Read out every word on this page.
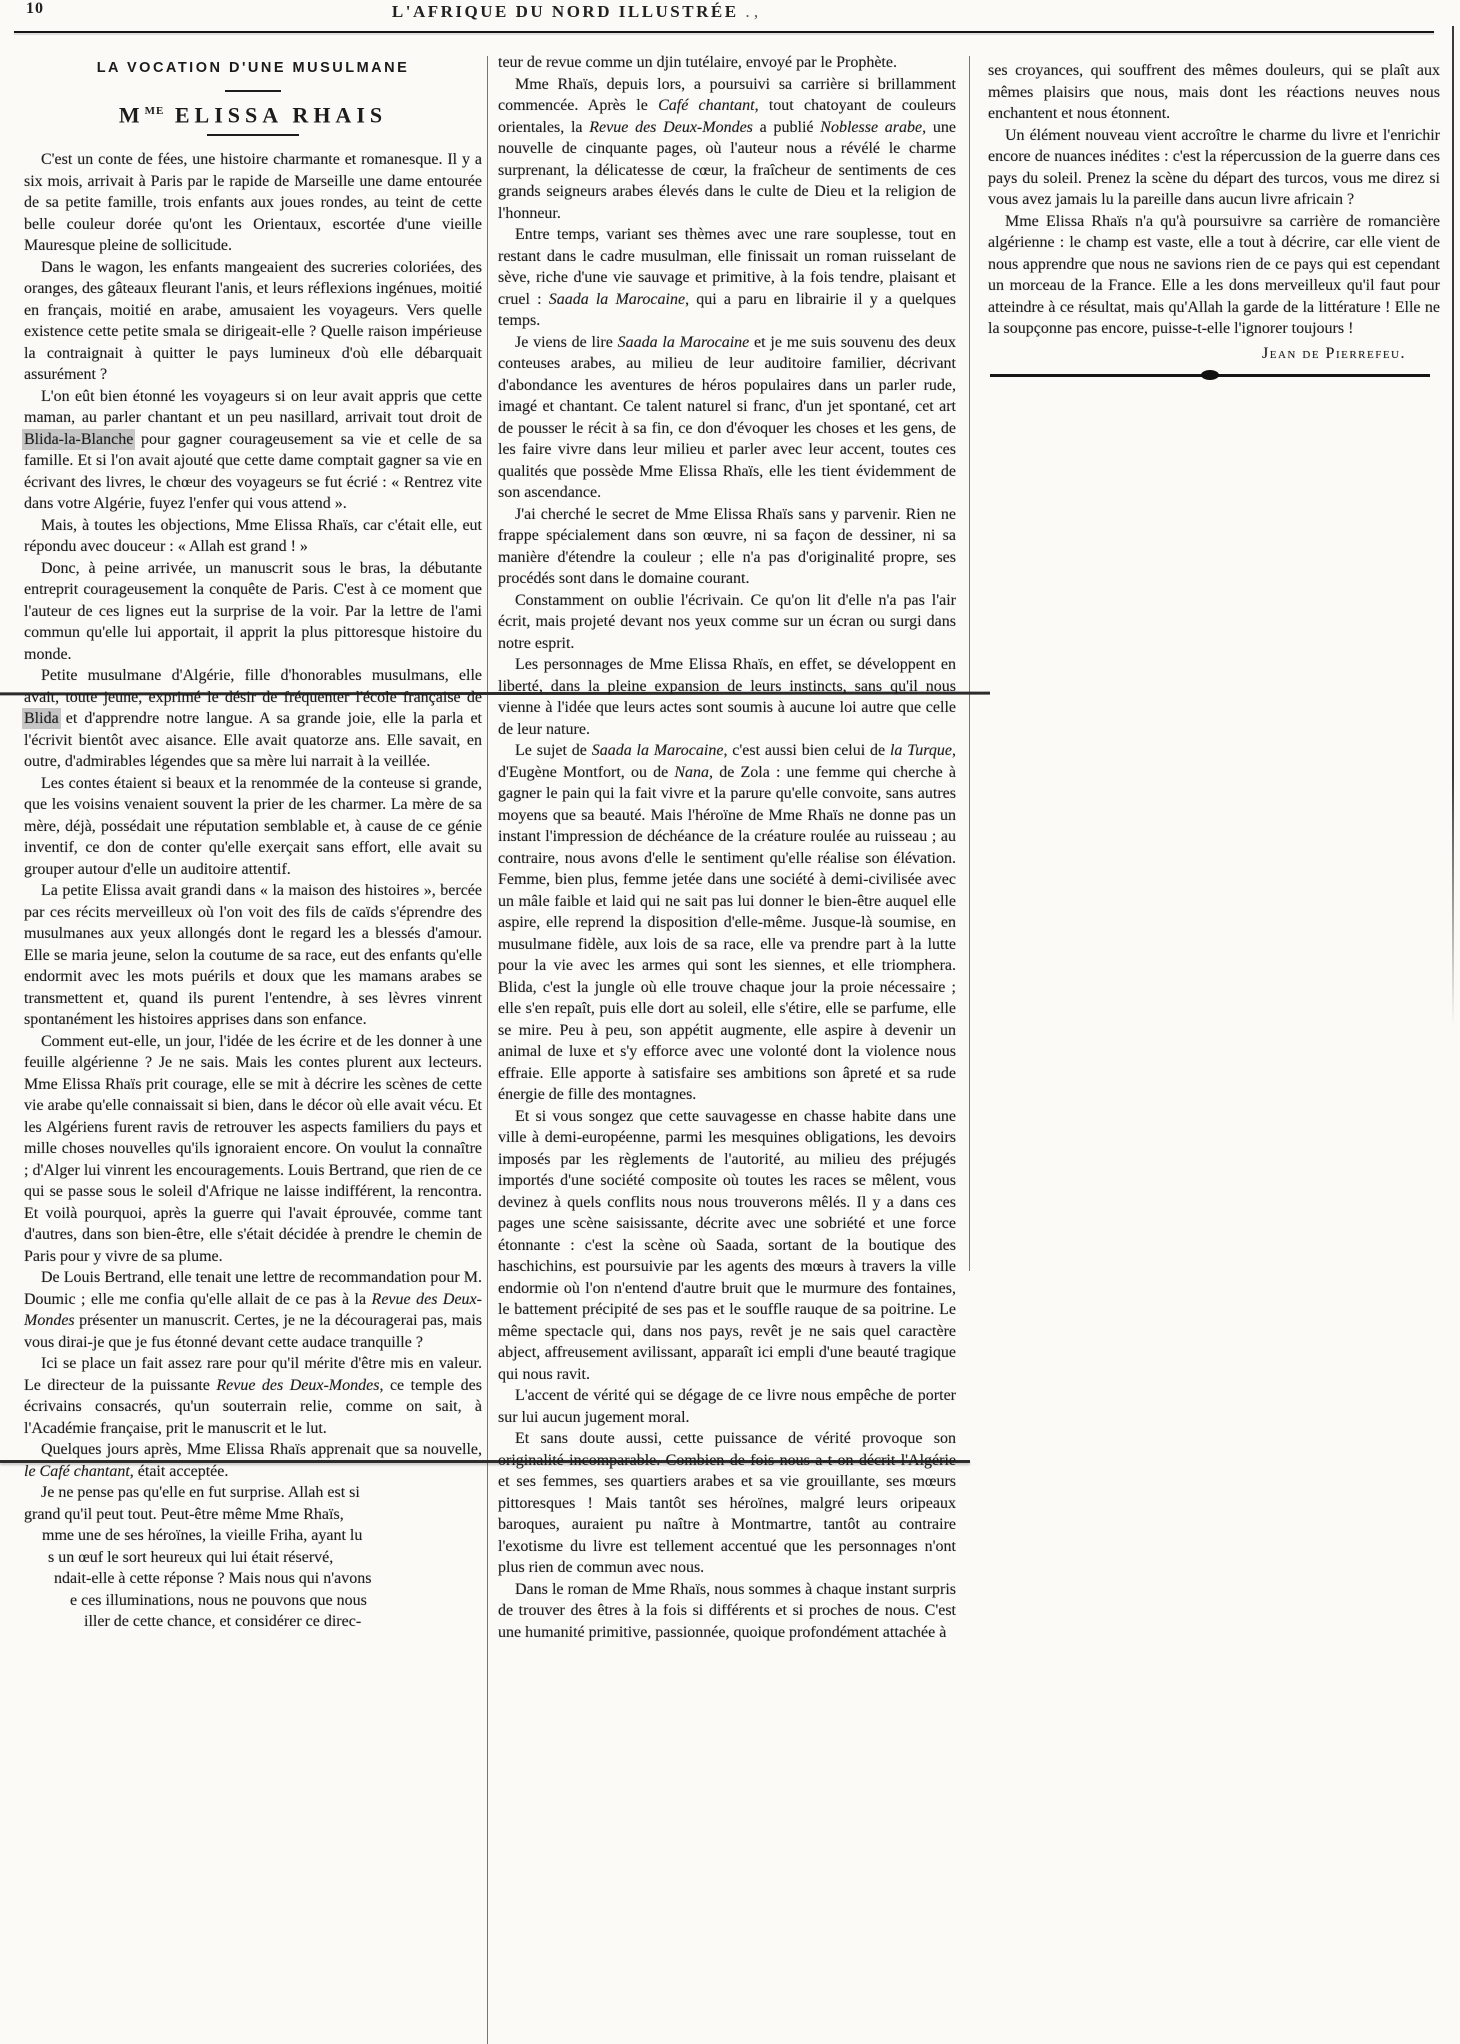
10	L'AFRIQUE DU NORD ILLUSTRÉE . ,
LA VOCATION D'UNE MUSULMANE
$M^{ME}$ ELISSA RHAIS

C'est un conte de fées, une histoire charmante et romanesque. Il y a six mois, arrivait à Paris par le rapide de Marseille une dame entourée de sa petite famille, trois enfants aux joues rondes, au teint de cette belle couleur dorée qu'ont les Orientaux, escortée d'une vieille Mauresque pleine de sollicitude.

Dans le wagon, les enfants mangeaient des sucreries coloriées, des oranges, des gâteaux fleurant l'anis, et leurs réflexions ingénues, moitié en français, moitié en arabe, amusaient les voyageurs. Vers quelle existence cette petite smala se dirigeait-elle ? Quelle raison impérieuse la contraignait à quitter le pays lumineux d'où elle débarquait assurément ?

L'on eût bien étonné les voyageurs si on leur avait appris que cette maman, au parler chantant et un peu nasillard, arrivait tout droit de Blida-la-Blanche pour gagner courageusement sa vie et celle de sa famille. Et si l'on avait ajouté que cette dame comptait gagner sa vie en écrivant des livres, le chœur des voyageurs se fut écrié : « Rentrez vite dans votre Algérie, fuyez l'enfer qui vous attend ».

Mais, à toutes les objections, Mme Elissa Rhaïs, car c'était elle, eut répondu avec douceur : « Allah est grand ! »

Donc, à peine arrivée, un manuscrit sous le bras, la débutante entreprit courageusement la conquête de Paris. C'est à ce moment que l'auteur de ces lignes eut la surprise de la voir. Par la lettre de l'ami commun qu'elle lui apportait, il apprit la plus pittoresque histoire du monde.

Petite musulmane d'Algérie, fille d'honorables musulmans, elle avait, toute jeune, exprimé le désir de fréquenter l'école française de Blida et d'apprendre notre langue. A sa grande joie, elle la parla et l'écrivit bientôt avec aisance. Elle avait quatorze ans. Elle savait, en outre, d'admirables légendes que sa mère lui narrait à la veillée.

Les contes étaient si beaux et la renommée de la conteuse si grande, que les voisins venaient souvent la prier de les charmer. La mère de sa mère, déjà, possédait une réputation semblable et, à cause de ce génie inventif, ce don de conter qu'elle exerçait sans effort, elle avait su grouper autour d'elle un auditoire attentif.

La petite Elissa avait grandi dans « la maison des histoires », bercée par ces récits merveilleux où l'on voit des fils de caïds s'éprendre des musulmanes aux yeux allongés dont le regard les a blessés d'amour. Elle se maria jeune, selon la coutume de sa race, eut des enfants qu'elle endormit avec les mots puérils et doux que les mamans arabes se transmettent et, quand ils purent l'entendre, à ses lèvres vinrent spontanément les histoires apprises dans son enfance.

Comment eut-elle, un jour, l'idée de les écrire et de les donner à une feuille algérienne ? Je ne sais. Mais les contes plurent aux lecteurs. Mme Elissa Rhaïs prit courage, elle se mit à décrire les scènes de cette vie arabe qu'elle connaissait si bien, dans le décor où elle avait vécu. Et les Algériens furent ravis de retrouver les aspects familiers du pays et mille choses nouvelles qu'ils ignoraient encore. On voulut la connaître ; d'Alger lui vinrent les encouragements. Louis Bertrand, que rien de ce qui se passe sous le soleil d'Afrique ne laisse indifférent, la rencontra. Et voilà pourquoi, après la guerre qui l'avait éprouvée, comme tant d'autres, dans son bien-être, elle s'était décidée à prendre le chemin de Paris pour y vivre de sa plume.

De Louis Bertrand, elle tenait une lettre de recommandation pour M. Doumic ; elle me confia qu'elle allait de ce pas à la Revue des Deux-Mondes présenter un manuscrit. Certes, je ne la découragerai pas, mais vous dirai-je que je fus étonné devant cette audace tranquille ?

Ici se place un fait assez rare pour qu'il mérite d'être mis en valeur. Le directeur de la puissante Revue des Deux-Mondes, ce temple des écrivains consacrés, qu'un souterrain relie, comme on sait, à l'Académie française, prit le manuscrit et le lut.

Quelques jours après, Mme Elissa Rhaïs apprenait que sa nouvelle, le Café chantant, était acceptée.

Je ne pense pas qu'elle en fut surprise. Allah est si
grand qu'il peut tout. Peut-être même Mme Rhaïs,
mme une de ses héroïnes, la vieille Friha, ayant lu
s un œuf le sort heureux qui lui était réservé,
ndait-elle à cette réponse ? Mais nous qui n'avons
e ces illuminations, nous ne pouvons que nous
iller de cette chance, et considérer ce direc-

teur de revue comme un djin tutélaire, envoyé par le Prophète.

Mme Rhaïs, depuis lors, a poursuivi sa carrière si brillamment commencée. Après le Café chantant, tout chatoyant de couleurs orientales, la Revue des Deux-Mondes a publié Noblesse arabe, une nouvelle de cinquante pages, où l'auteur nous a révélé le charme surprenant, la délicatesse de cœur, la fraîcheur de sentiments de ces grands seigneurs arabes élevés dans le culte de Dieu et la religion de l'honneur.

Entre temps, variant ses thèmes avec une rare souplesse, tout en restant dans le cadre musulman, elle finissait un roman ruisselant de sève, riche d'une vie sauvage et primitive, à la fois tendre, plaisant et cruel : Saada la Marocaine, qui a paru en librairie il y a quelques temps.

Je viens de lire Saada la Marocaine et je me suis souvenu des deux conteuses arabes, au milieu de leur auditoire familier, décrivant d'abondance les aventures de héros populaires dans un parler rude, imagé et chantant. Ce talent naturel si franc, d'un jet spontané, cet art de pousser le récit à sa fin, ce don d'évoquer les choses et les gens, de les faire vivre dans leur milieu et parler avec leur accent, toutes ces qualités que possède Mme Elissa Rhaïs, elle les tient évidemment de son ascendance.

J'ai cherché le secret de Mme Elissa Rhaïs sans y parvenir. Rien ne frappe spécialement dans son œuvre, ni sa façon de dessiner, ni sa manière d'étendre la couleur ; elle n'a pas d'originalité propre, ses procédés sont dans le domaine courant.

Constamment on oublie l'écrivain. Ce qu'on lit d'elle n'a pas l'air écrit, mais projeté devant nos yeux comme sur un écran ou surgi dans notre esprit.

Les personnages de Mme Elissa Rhaïs, en effet, se développent en liberté, dans la pleine expansion de leurs instincts, sans qu'il nous vienne à l'idée que leurs actes sont soumis à aucune loi autre que celle de leur nature.

Le sujet de Saada la Marocaine, c'est aussi bien celui de la Turque, d'Eugène Montfort, ou de Nana, de Zola : une femme qui cherche à gagner le pain qui la fait vivre et la parure qu'elle convoite, sans autres moyens que sa beauté. Mais l'héroïne de Mme Rhaïs ne donne pas un instant l'impression de déchéance de la créature roulée au ruisseau ; au contraire, nous avons d'elle le sentiment qu'elle réalise son élévation. Femme, bien plus, femme jetée dans une société à demi-civilisée avec un mâle faible et laid qui ne sait pas lui donner le bien-être auquel elle aspire, elle reprend la disposition d'elle-même. Jusque-là soumise, en musulmane fidèle, aux lois de sa race, elle va prendre part à la lutte pour la vie avec les armes qui sont les siennes, et elle triomphera. Blida, c'est la jungle où elle trouve chaque jour la proie nécessaire ; elle s'en repaît, puis elle dort au soleil, elle s'étire, elle se parfume, elle se mire. Peu à peu, son appétit augmente, elle aspire à devenir un animal de luxe et s'y efforce avec une volonté dont la violence nous effraie. Elle apporte à satisfaire ses ambitions son âpreté et sa rude énergie de fille des montagnes.

Et si vous songez que cette sauvagesse en chasse habite dans une ville à demi-européenne, parmi les mesquines obligations, les devoirs imposés par les règlements de l'autorité, au milieu des préjugés importés d'une société composite où toutes les races se mêlent, vous devinez à quels conflits nous nous trouverons mêlés. Il y a dans ces pages une scène saisissante, décrite avec une sobriété et une force étonnante : c'est la scène où Saada, sortant de la boutique des haschichins, est poursuivie par les agents des mœurs à travers la ville endormie où l'on n'entend d'autre bruit que le murmure des fontaines, le battement précipité de ses pas et le souffle rauque de sa poitrine. Le même spectacle qui, dans nos pays, revêt je ne sais quel caractère abject, affreusement avilissant, apparaît ici empli d'une beauté tragique qui nous ravit.

L'accent de vérité qui se dégage de ce livre nous empêche de porter sur lui aucun jugement moral.

Et sans doute aussi, cette puissance de vérité provoque son originalité incomparable. Combien de fois nous a-t-on décrit l'Algérie et ses femmes, ses quartiers arabes et sa vie grouillante, ses mœurs pittoresques ! Mais tantôt ses héroïnes, malgré leurs oripeaux baroques, auraient pu naître à Montmartre, tantôt au contraire l'exotisme du livre est tellement accentué que les personnages n'ont plus rien de commun avec nous.

Dans le roman de Mme Rhaïs, nous sommes à chaque instant surpris de trouver des êtres à la fois si différents et si proches de nous. C'est une humanité primitive, passionnée, quoique profondément attachée à

ses croyances, qui souffrent des mêmes douleurs, qui se plaît aux mêmes plaisirs que nous, mais dont les réactions neuves nous enchantent et nous étonnent.

Un élément nouveau vient accroître le charme du livre et l'enrichir encore de nuances inédites : c'est la répercussion de la guerre dans ces pays du soleil. Prenez la scène du départ des turcos, vous me direz si vous avez jamais lu la pareille dans aucun livre africain ?

Mme Elissa Rhaïs n'a qu'à poursuivre sa carrière de romancière algérienne : le champ est vaste, elle a tout à décrire, car elle vient de nous apprendre que nous ne savions rien de ce pays qui est cependant un morceau de la France. Elle a les dons merveilleux qu'il faut pour atteindre à ce résultat, mais qu'Allah la garde de la littérature ! Elle ne la soupçonne pas encore, puisse-t-elle l'ignorer toujours !

Jean de Pierrefeu.
